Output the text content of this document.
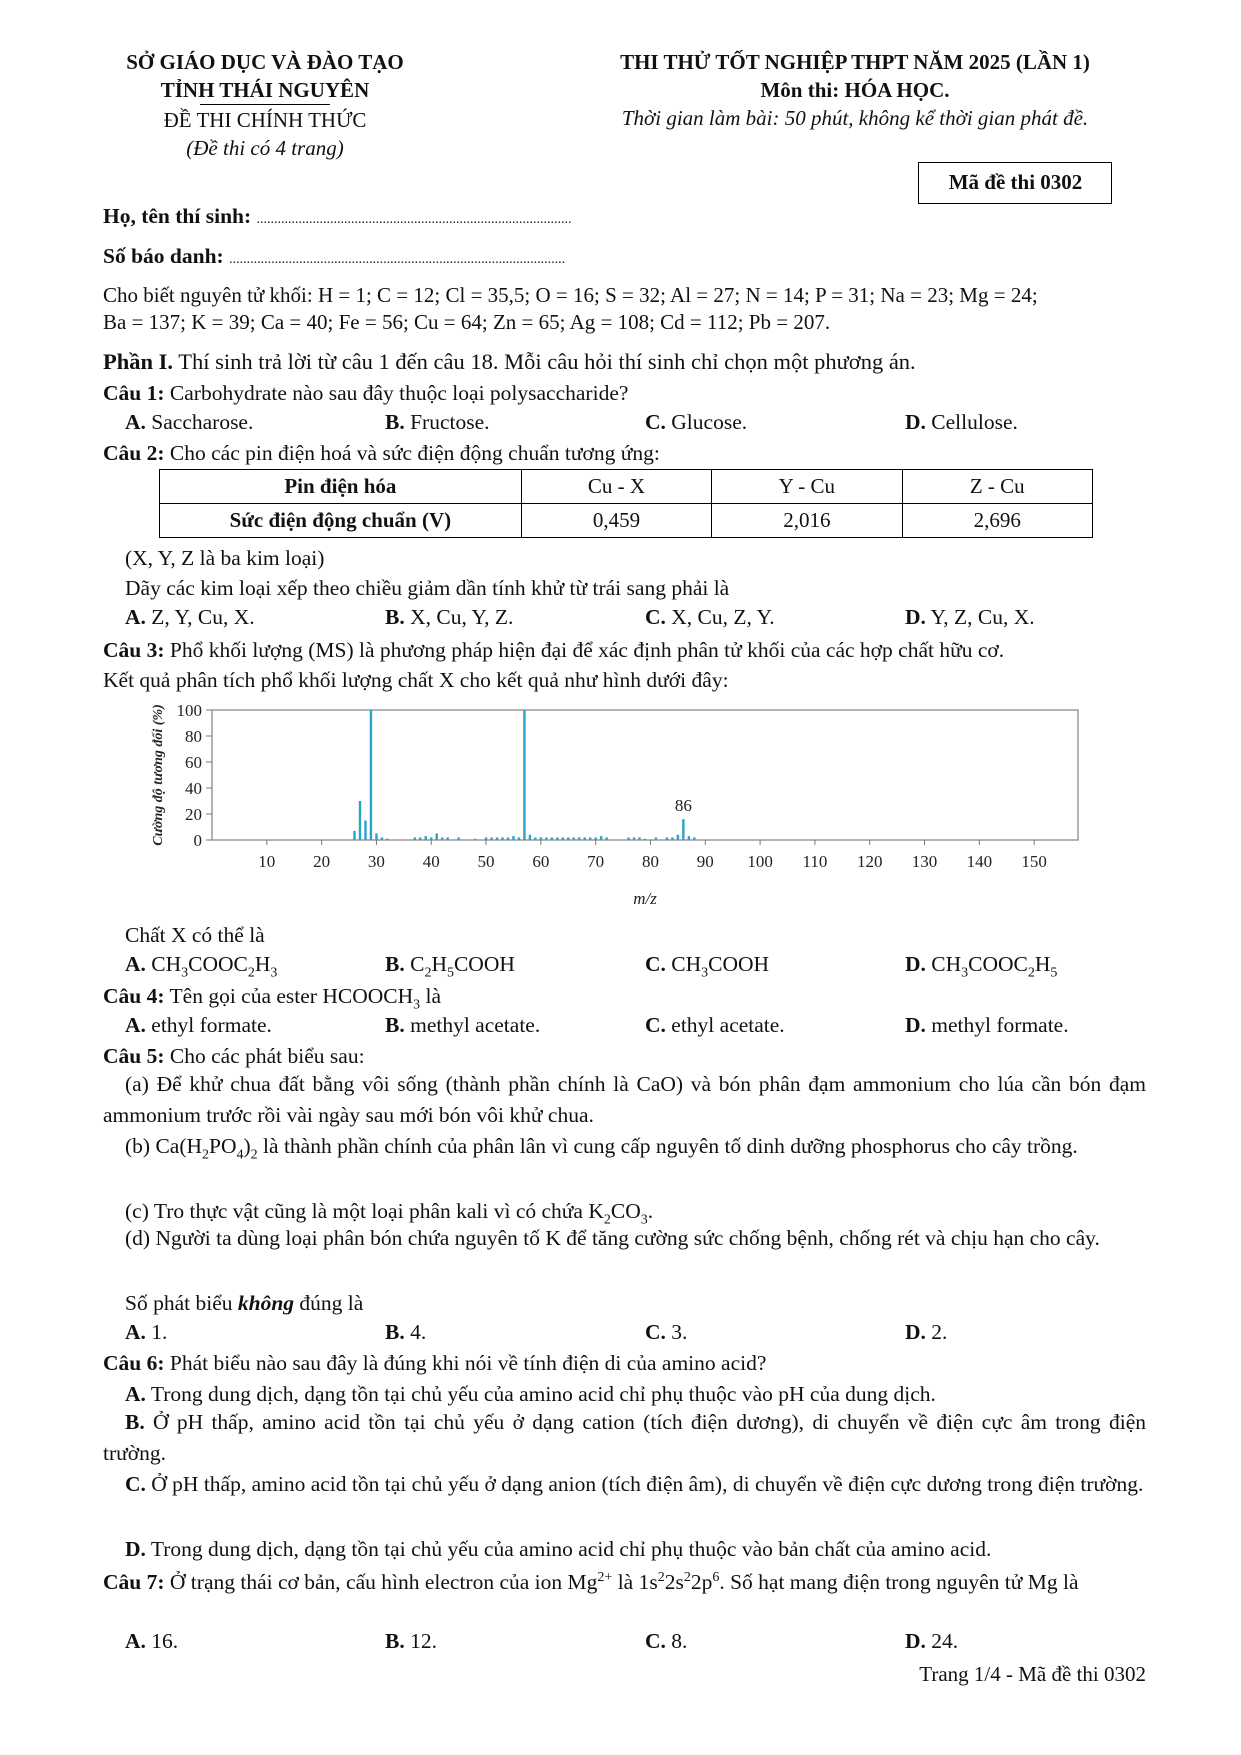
SỞ GIÁO DỤC VÀ ĐÀO TẠO
TỈNH THÁI NGUYÊN
ĐỀ THI CHÍNH THỨC
(Đề thi có 4 trang)
THI THỬ TỐT NGHIỆP THPT NĂM 2025 (LẦN 1)
Môn thi: HÓA HỌC.
Thời gian làm bài: 50 phút, không kể thời gian phát đề.
Mã đề thi 0302
Họ, tên thí sinh: ..........................................................................................
Số báo danh: ................................................................................................
Cho biết nguyên tử khối: H = 1; C = 12; Cl = 35,5; O = 16; S = 32; Al = 27; N = 14; P = 31; Na = 23; Mg = 24;
Ba = 137; K = 39; Ca = 40; Fe = 56; Cu = 64; Zn = 65; Ag = 108; Cd = 112; Pb = 207.
Phần I. Thí sinh trả lời từ câu 1 đến câu 18. Mỗi câu hỏi thí sinh chỉ chọn một phương án.
Câu 1: Carbohydrate nào sau đây thuộc loại polysaccharide?
A. Saccharose.	B. Fructose.	C. Glucose.	D. Cellulose.
Câu 2: Cho các pin điện hoá và sức điện động chuẩn tương ứng:
Pin điện hóa	Cu - X	Y - Cu	Z - Cu
Sức điện động chuẩn (V)	0,459	2,016	2,696
(X, Y, Z là ba kim loại)
Dãy các kim loại xếp theo chiều giảm dần tính khử từ trái sang phải là
A. Z, Y, Cu, X.	B. X, Cu, Y, Z.	C. X, Cu, Z, Y.	D. Y, Z, Cu, X.
Câu 3: Phổ khối lượng (MS) là phương pháp hiện đại để xác định phân tử khối của các hợp chất hữu cơ.
Kết quả phân tích phổ khối lượng chất X cho kết quả như hình dưới đây:
0
20
40
60
80
100
10 20 30 40 50 60 70 80 90 100 110 120 130 140 150
86
m/z
Cường độ tương đối (%)
Chất X có thể là
A. $CH_3COOC_2H_3$	B. $C_2H_5COOH$	C. $CH_3COOH$	D. $CH_3COOC_2H_5$
Câu 4: Tên gọi của ester $HCOOCH_3$ là
A. ethyl formate.	B. methyl acetate.	C. ethyl acetate.	D. methyl formate.
Câu 5: Cho các phát biểu sau:
(a) Để khử chua đất bằng vôi sống (thành phần chính là CaO) và bón phân đạm ammonium cho lúa cần bón đạm ammonium trước rồi vài ngày sau mới bón vôi khử chua.
(b) $Ca(H_2PO_4)_2$ là thành phần chính của phân lân vì cung cấp nguyên tố dinh dưỡng phosphorus cho cây trồng.
(c) Tro thực vật cũng là một loại phân kali vì có chứa $K_2CO_3$.
(d) Người ta dùng loại phân bón chứa nguyên tố K để tăng cường sức chống bệnh, chống rét và chịu hạn cho cây.
Số phát biểu không đúng là
A. 1.	B. 4.	C. 3.	D. 2.
Câu 6: Phát biểu nào sau đây là đúng khi nói về tính điện di của amino acid?
A. Trong dung dịch, dạng tồn tại chủ yếu của amino acid chỉ phụ thuộc vào pH của dung dịch.
B. Ở pH thấp, amino acid tồn tại chủ yếu ở dạng cation (tích điện dương), di chuyển về điện cực âm trong điện trường.
C. Ở pH thấp, amino acid tồn tại chủ yếu ở dạng anion (tích điện âm), di chuyển về điện cực dương trong điện trường.
D. Trong dung dịch, dạng tồn tại chủ yếu của amino acid chỉ phụ thuộc vào bản chất của amino acid.
Câu 7: Ở trạng thái cơ bản, cấu hình electron của ion $Mg^{2+}$ là $1s^22s^22p^6$. Số hạt mang điện trong nguyên tử Mg là
A. 16.	B. 12.	C. 8.	D. 24.
Trang 1/4 - Mã đề thi 0302
